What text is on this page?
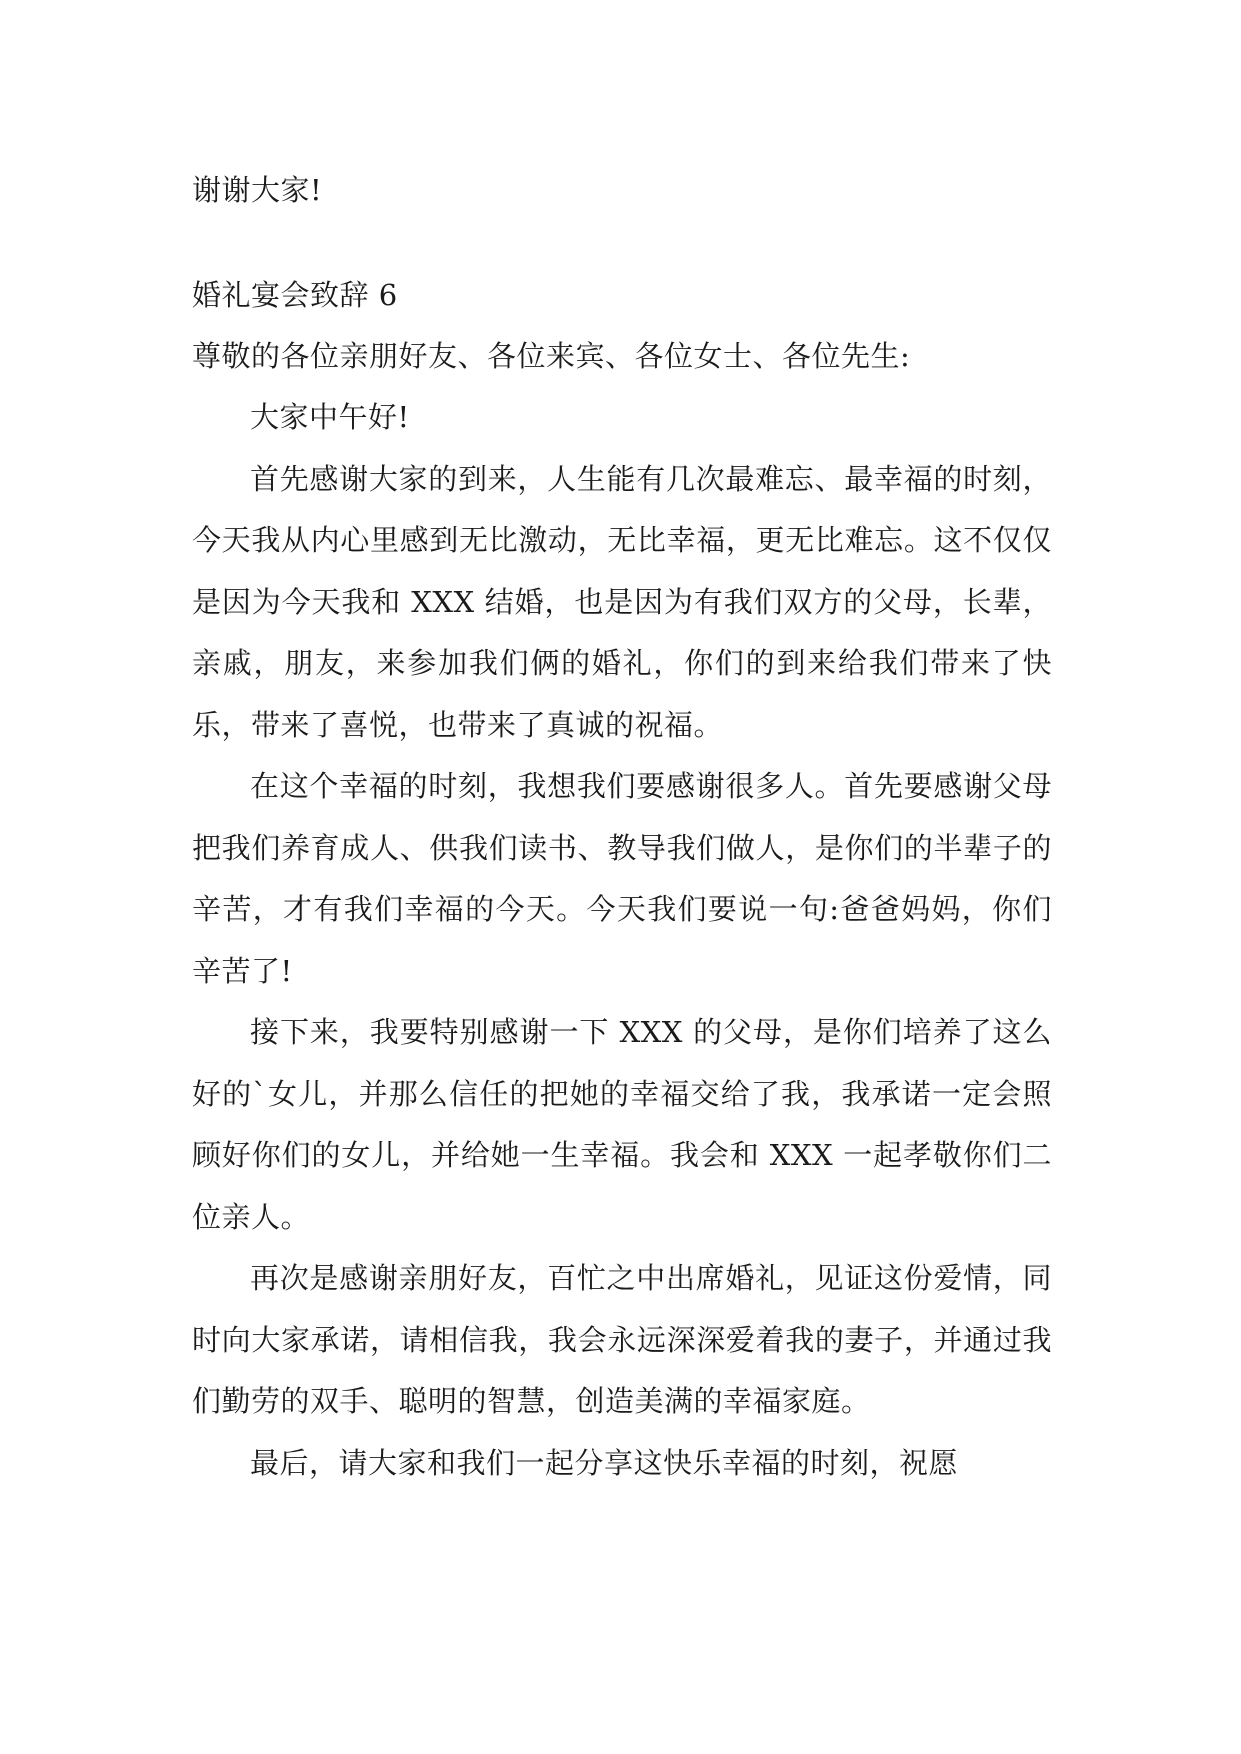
谢谢大家!

婚礼宴会致辞 6

尊敬的各位亲朋好友、各位来宾、各位女士、各位先生:

大家中午好!

首先感谢大家的到来，人生能有几次最难忘、最幸福的时刻，今天我从内心里感到无比激动，无比幸福，更无比难忘。这不仅仅是因为今天我和 XXX 结婚，也是因为有我们双方的父母，长辈，亲戚，朋友，来参加我们俩的婚礼，你们的到来给我们带来了快乐，带来了喜悦，也带来了真诚的祝福。

在这个幸福的时刻，我想我们要感谢很多人。首先要感谢父母把我们养育成人、供我们读书、教导我们做人，是你们的半辈子的辛苦，才有我们幸福的今天。今天我们要说一句:爸爸妈妈，你们辛苦了!

接下来，我要特别感谢一下 XXX 的父母，是你们培养了这么好的`女儿，并那么信任的把她的幸福交给了我，我承诺一定会照顾好你们的女儿，并给她一生幸福。我会和 XXX 一起孝敬你们二位亲人。

再次是感谢亲朋好友，百忙之中出席婚礼，见证这份爱情，同时向大家承诺，请相信我，我会永远深深爱着我的妻子，并通过我们勤劳的双手、聪明的智慧，创造美满的幸福家庭。

最后，请大家和我们一起分享这快乐幸福的时刻，祝愿
